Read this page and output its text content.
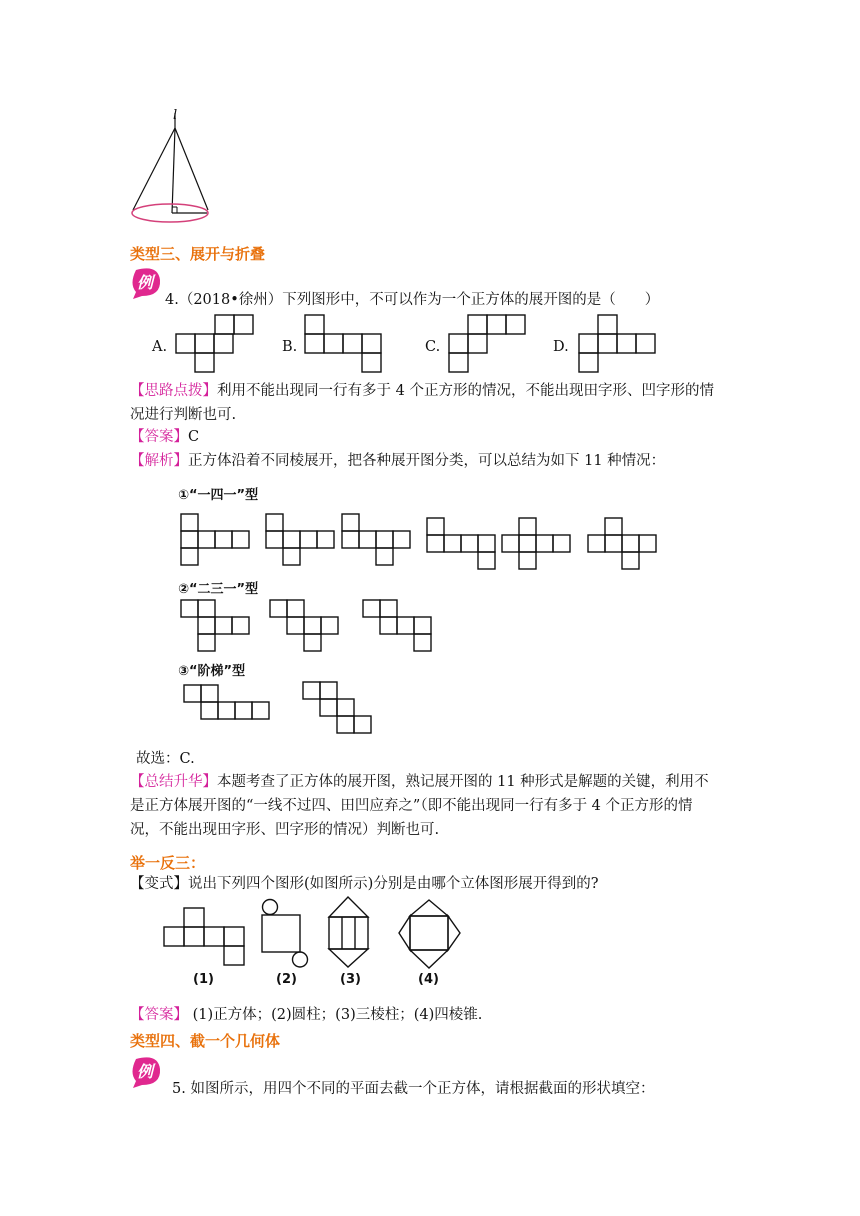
l
类型三、展开与折叠
例
4.（2018•徐州）下列图形中，不可以作为一个正方体的展开图的是（　　）
A.	B.	C.	D.
【思路点拨】利用不能出现同一行有多于 4 个正方形的情况，不能出现田字形、凹字形的情
况进行判断也可.
【答案】C
【解析】正方体沿着不同棱展开，把各种展开图分类，可以总结为如下 11 种情况：
①“一四一”型
②“二三一”型
③“阶梯”型
故选：C.
【总结升华】本题考查了正方体的展开图，熟记展开图的 11 种形式是解题的关键，利用不
是正方体展开图的“一线不过四、田凹应弃之”（即不能出现同一行有多于 4 个正方形的情
况，不能出现田字形、凹字形的情况）判断也可.
举一反三：
【变式】说出下列四个图形(如图所示)分别是由哪个立体图形展开得到的?
(1)	(2)	(3)	(4)
【答案】 (1)正方体；(2)圆柱；(3)三棱柱；(4)四棱锥.
类型四、截一个几何体
例
5. 如图所示，用四个不同的平面去截一个正方体，请根据截面的形状填空：
